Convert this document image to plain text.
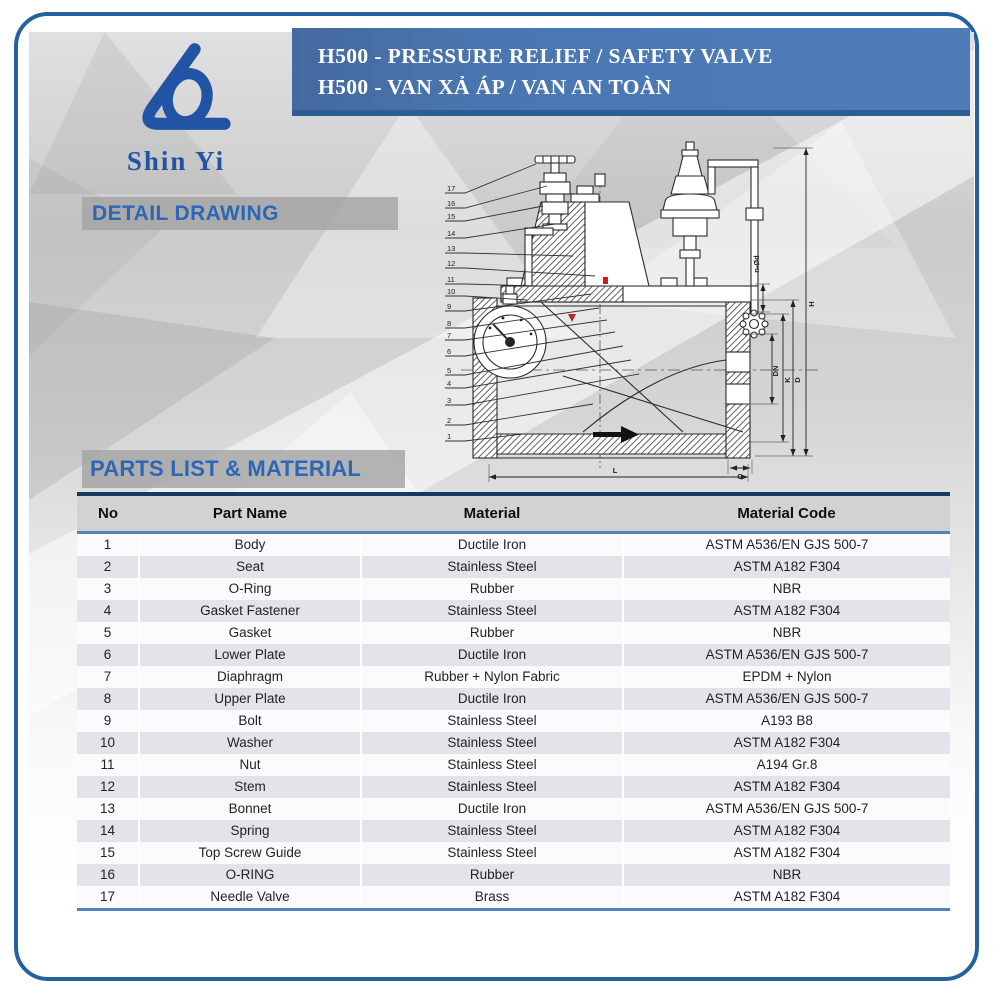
Shin Yi
H500 - PRESSURE RELIEF / SAFETY VALVE
H500 - VAN XẢ ÁP / VAN AN TOÀN
DETAIL DRAWING
PARTS LIST & MATERIAL
17
16
15
14
13
12
11
10
9
8
7
6
5
4
3
2
1
n-Ød
H
D
K
DN
C
L
No	Part Name	Material	Material Code
1	Body	Ductile Iron	ASTM A536/EN GJS 500-7
2	Seat	Stainless Steel	ASTM A182 F304
3	O-Ring	Rubber	NBR
4	Gasket Fastener	Stainless Steel	ASTM A182 F304
5	Gasket	Rubber	NBR
6	Lower Plate	Ductile Iron	ASTM A536/EN GJS 500-7
7	Diaphragm	Rubber + Nylon Fabric	EPDM + Nylon
8	Upper Plate	Ductile Iron	ASTM A536/EN GJS 500-7
9	Bolt	Stainless Steel	A193 B8
10	Washer	Stainless Steel	ASTM A182 F304
11	Nut	Stainless Steel	A194 Gr.8
12	Stem	Stainless Steel	ASTM A182 F304
13	Bonnet	Ductile Iron	ASTM A536/EN GJS 500-7
14	Spring	Stainless Steel	ASTM A182 F304
15	Top Screw Guide	Stainless Steel	ASTM A182 F304
16	O-RING	Rubber	NBR
17	Needle Valve	Brass	ASTM A182 F304
